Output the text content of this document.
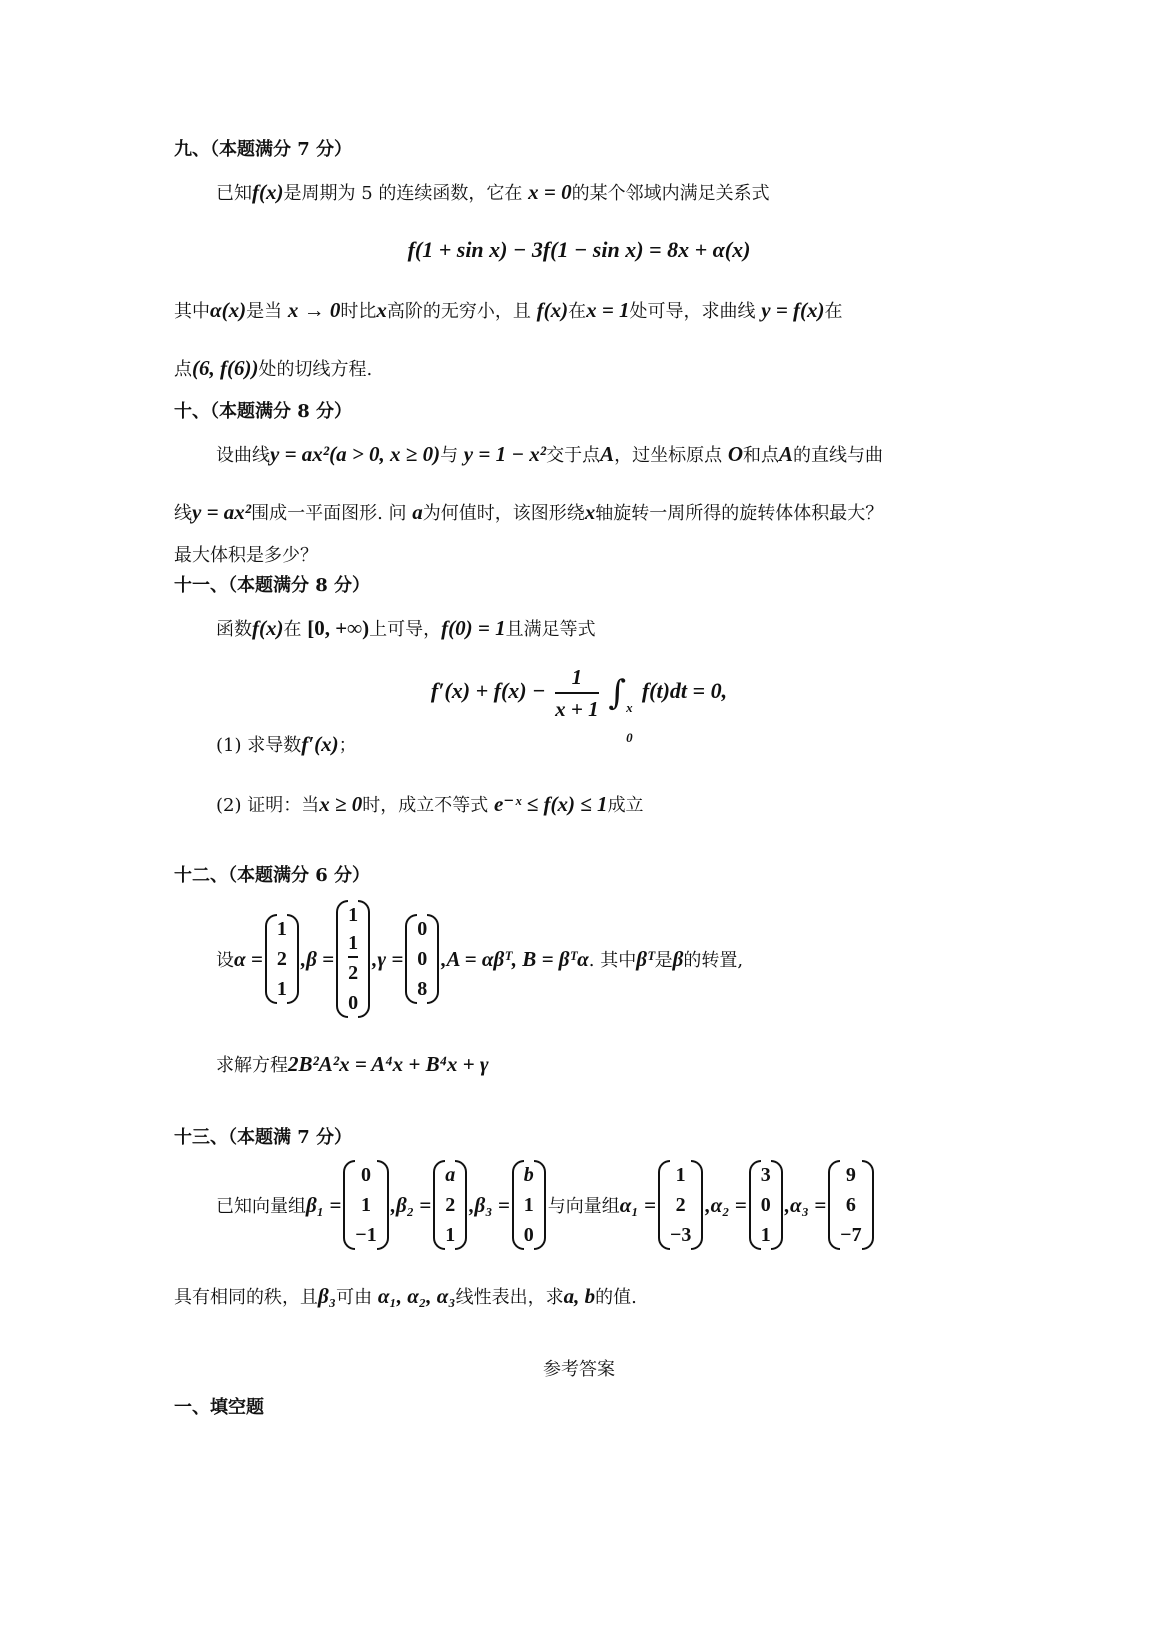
九、（本题满分 7 分）
已知f(x)是周期为 5 的连续函数，它在 x = 0的某个邻域内满足关系式
f(1 + sin x) − 3f(1 − sin x) = 8x + α(x)
其中α(x)是当 x → 0时比x高阶的无穷小，且 f(x)在x = 1处可导，求曲线 y = f(x)在
点(6, f(6))处的切线方程.
十、（本题满分 8 分）
设曲线y = ax²(a > 0, x ≥ 0)与 y = 1 − x²交于点A，过坐标原点 O和点A的直线与曲
线y = ax²围成一平面图形. 问 a为何值时，该图形绕x轴旋转一周所得的旋转体体积最大？
最大体积是多少？
十一、（本题满分 8 分）
函数f(x)在 [0, +∞)上可导，f(0) = 1且满足等式
$f'(x) + f(x) - \frac{1}{x + 1}$ ∫ x
0
f(t)dt = 0,
(1) 求导数f′(x)；
(2) 证明：当x ≥ 0时，成立不等式 e⁻ˣ ≤ f(x) ≤ 1成立
十二、（本题满分 6 分）
设 α =
1
2
1
,β =
1
1
2
0
,γ =
0
0
8
,A = αβᵀ, B = βᵀα . 其中 βᵀ 是 β 的转置,
求解方程2B²A²x = A⁴x + B⁴x + γ
十三、（本题满 7 分）
已知向量组 β₁ =
0
1
−1
,β₂ =
a
2
1
,β₃ =
b
1
0
与向量组 α₁ =
1
2
−3
,α₂ =
3
0
1
,α₃ =
9
6
−7
具有相同的秩，且β₃可由 α₁, α₂, α₃线性表出，求a, b的值.
参考答案
一、填空题
